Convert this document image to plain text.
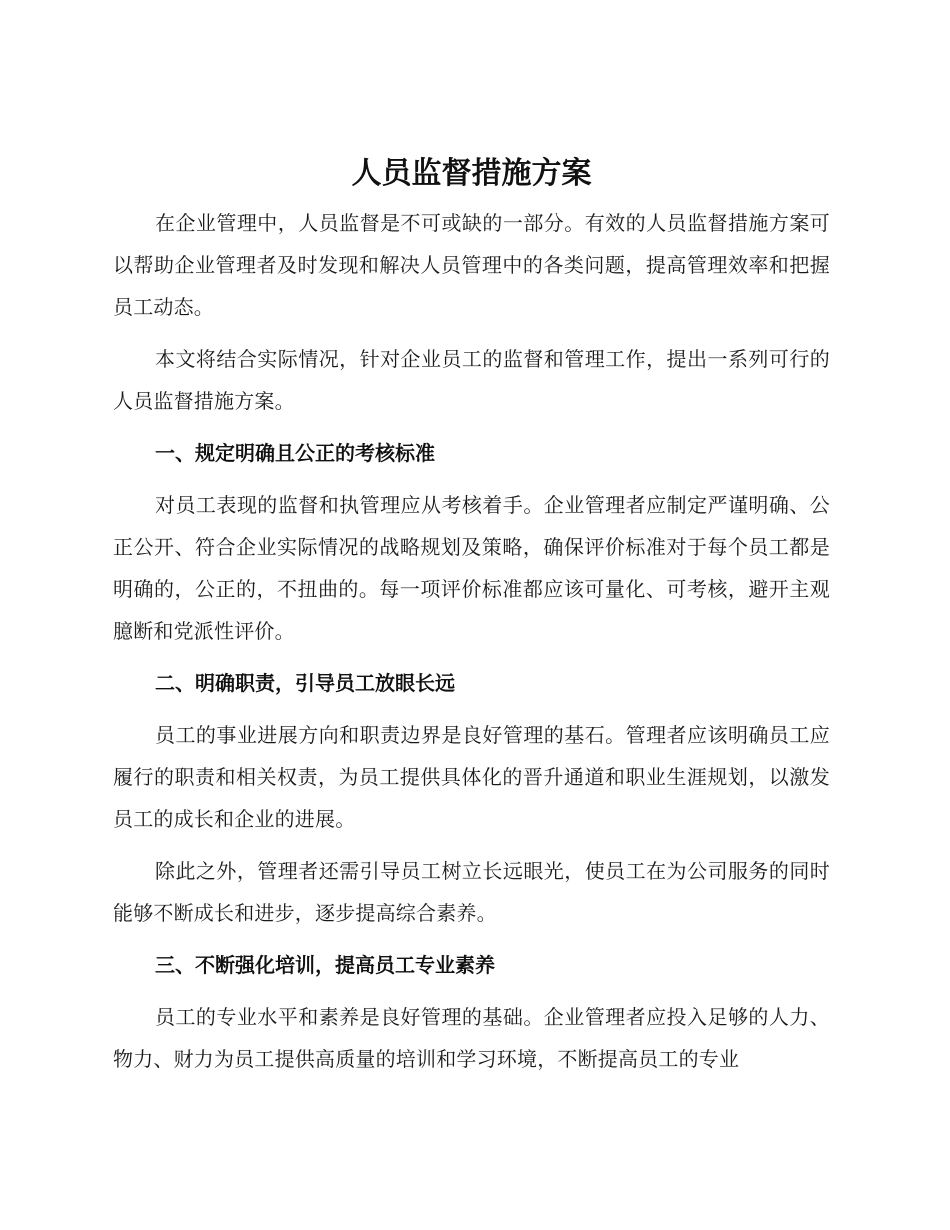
人员监督措施方案

在企业管理中，人员监督是不可或缺的一部分。有效的人员监督措施方案可以帮助企业管理者及时发现和解决人员管理中的各类问题，提高管理效率和把握员工动态。

本文将结合实际情况，针对企业员工的监督和管理工作，提出一系列可行的人员监督措施方案。

一、规定明确且公正的考核标准

对员工表现的监督和执管理应从考核着手。企业管理者应制定严谨明确、公正公开、符合企业实际情况的战略规划及策略，确保评价标准对于每个员工都是明确的，公正的，不扭曲的。每一项评价标准都应该可量化、可考核，避开主观臆断和党派性评价。

二、明确职责，引导员工放眼长远

员工的事业进展方向和职责边界是良好管理的基石。管理者应该明确员工应履行的职责和相关权责，为员工提供具体化的晋升通道和职业生涯规划，以激发员工的成长和企业的进展。

除此之外，管理者还需引导员工树立长远眼光，使员工在为公司服务的同时能够不断成长和进步，逐步提高综合素养。

三、不断强化培训，提高员工专业素养

员工的专业水平和素养是良好管理的基础。企业管理者应投入足够的人力、物力、财力为员工提供高质量的培训和学习环境，不断提高员工的专业
